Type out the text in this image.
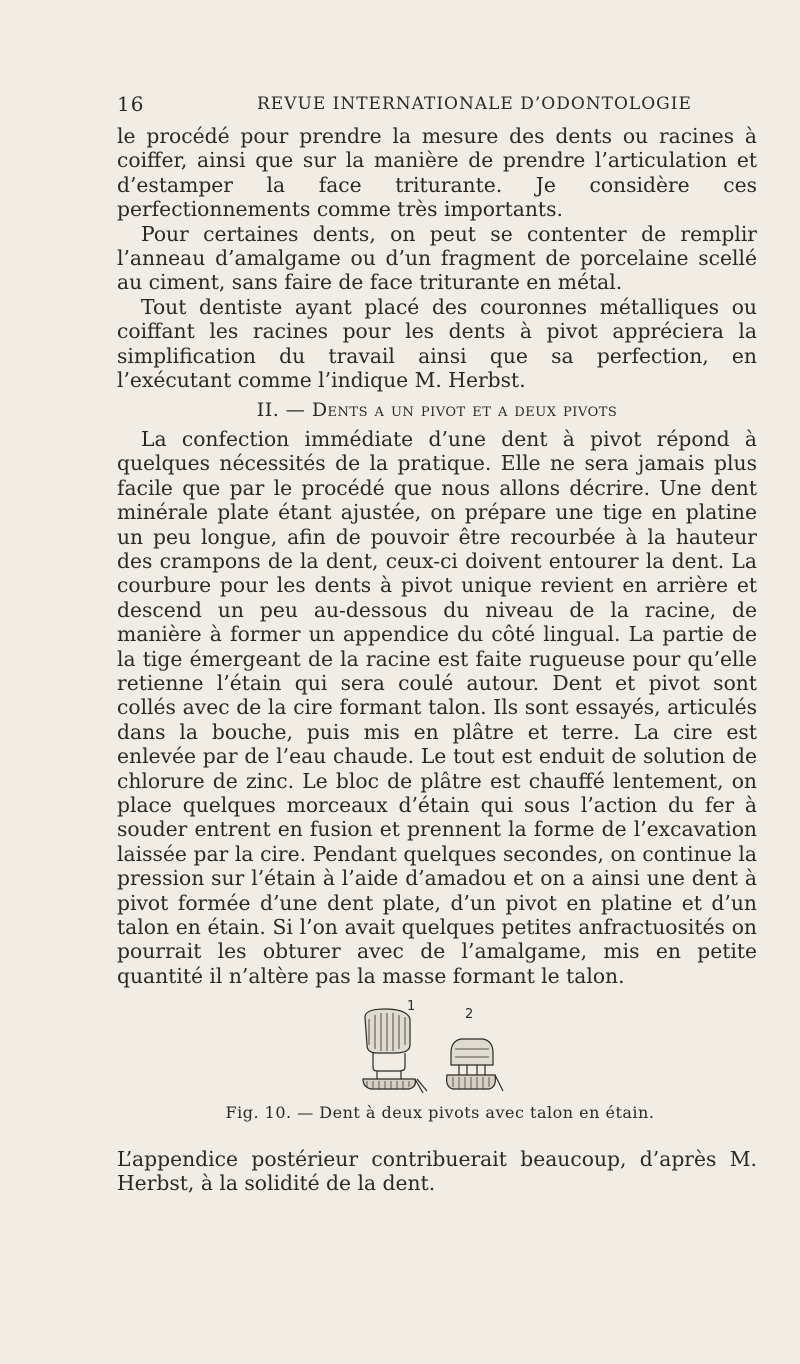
16	REVUE INTERNATIONALE D’ODONTOLOGIE

le procédé pour prendre la mesure des dents ou racines à coiffer, ainsi que sur la manière de prendre l’articulation et d’estamper la face triturante. Je considère ces perfectionnements comme très importants.

Pour certaines dents, on peut se contenter de remplir l’anneau d’amalgame ou d’un fragment de porcelaine scellé au ciment, sans faire de face triturante en métal.

Tout dentiste ayant placé des couronnes métalliques ou coiffant les racines pour les dents à pivot appréciera la simplification du travail ainsi que sa perfection, en l’exécutant comme l’indique M. Herbst.

II. — Dents a un pivot et a deux pivots

La confection immédiate d’une dent à pivot répond à quelques nécessités de la pratique. Elle ne sera jamais plus facile que par le procédé que nous allons décrire. Une dent minérale plate étant ajustée, on prépare une tige en platine un peu longue, afin de pouvoir être recourbée à la hauteur des crampons de la dent, ceux-ci doivent entourer la dent. La courbure pour les dents à pivot unique revient en arrière et descend un peu au-dessous du niveau de la racine, de manière à former un appendice du côté lingual. La partie de la tige émergeant de la racine est faite rugueuse pour qu’elle retienne l’étain qui sera coulé autour. Dent et pivot sont collés avec de la cire formant talon. Ils sont essayés, articulés dans la bouche, puis mis en plâtre et terre. La cire est enlevée par de l’eau chaude. Le tout est enduit de solution de chlorure de zinc. Le bloc de plâtre est chauffé lentement, on place quelques morceaux d’étain qui sous l’action du fer à souder entrent en fusion et prennent la forme de l’excavation laissée par la cire. Pendant quelques secondes, on continue la pression sur l’étain à l’aide d’amadou et on a ainsi une dent à pivot formée d’une dent plate, d’un pivot en platine et d’un talon en étain. Si l’on avait quelques petites anfractuosités on pourrait les obturer avec de l’amalgame, mis en petite quantité il n’altère pas la masse formant le talon.

1
2
Fig. 10. — Dent à deux pivots avec talon en étain.

L’appendice postérieur contribuerait beaucoup, d’après M. Herbst, à la solidité de la dent.
